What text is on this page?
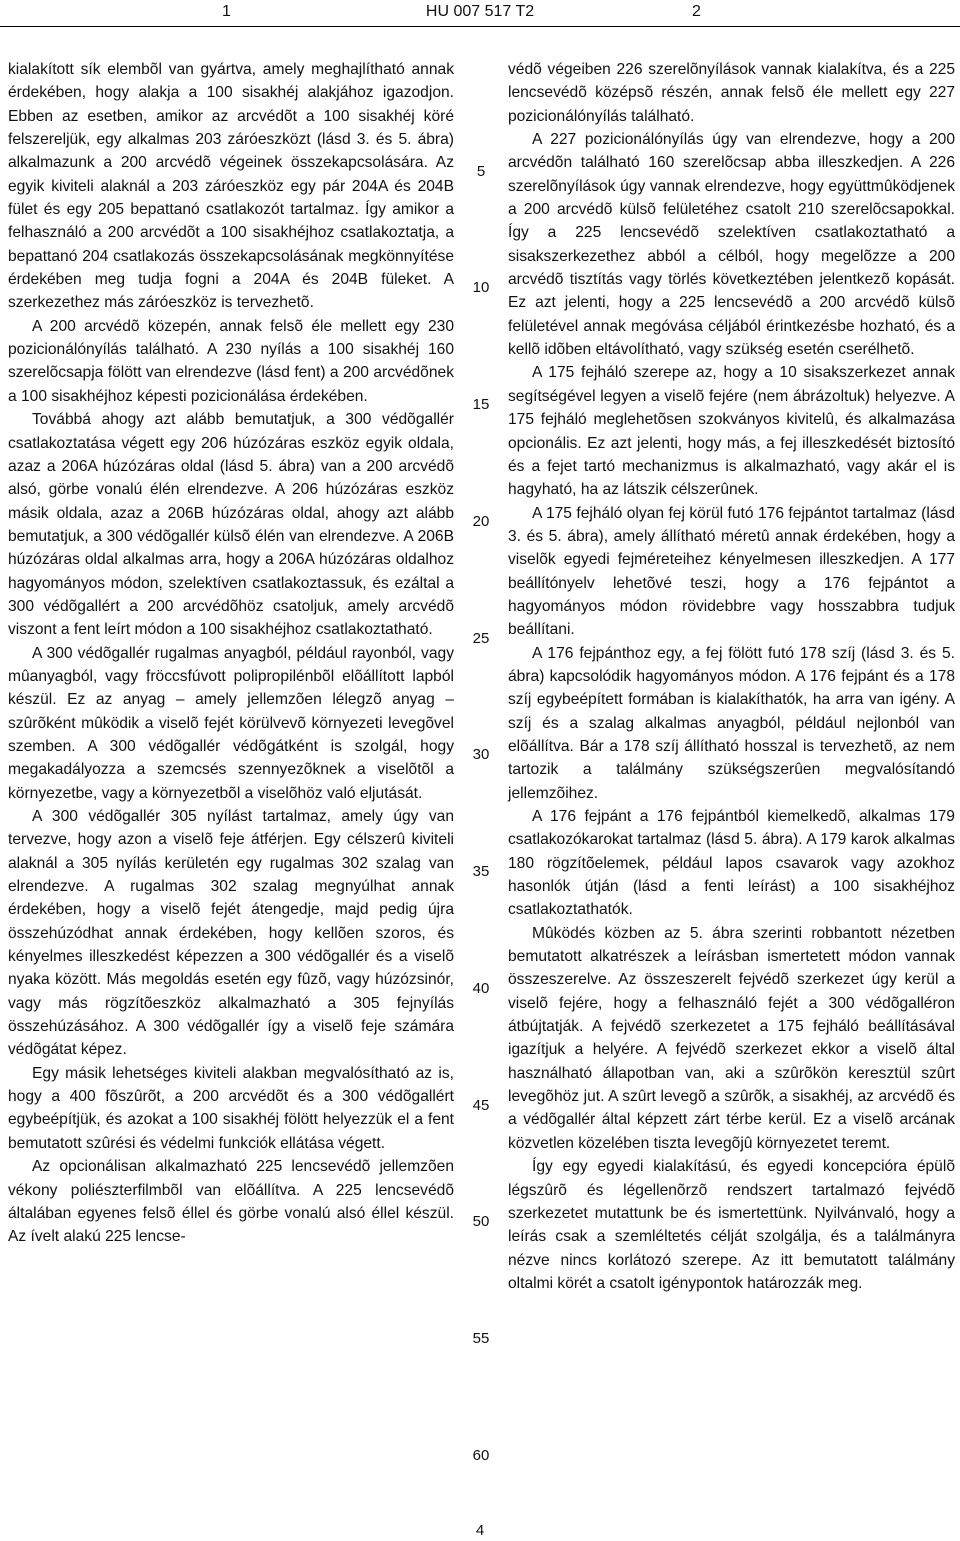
1	HU 007 517 T2	2

kialakított sík elembõl van gyártva, amely meghajlítható annak érdekében, hogy alakja a 100 sisakhéj alakjához igazodjon. Ebben az esetben, amikor az arcvédõt a 100 sisakhéj köré felszereljük, egy alkalmas 203 záróeszközt (lásd 3. és 5. ábra) alkalmazunk a 200 arcvédõ végeinek összekapcsolására. Az egyik kiviteli alaknál a 203 záróeszköz egy pár 204A és 204B fület és egy 205 bepattanó csatlakozót tartalmaz. Így amikor a felhasználó a 200 arcvédõt a 100 sisakhéjhoz csatlakoztatja, a bepattanó 204 csatlakozás összekapcsolásának megkönnyítése érdekében meg tudja fogni a 204A és 204B füleket. A szerkezethez más záróeszköz is tervezhetõ.

A 200 arcvédõ közepén, annak felsõ éle mellett egy 230 pozicionálónyílás található. A 230 nyílás a 100 sisakhéj 160 szerelõcsapja fölött van elrendezve (lásd fent) a 200 arcvédõnek a 100 sisakhéjhoz képesti pozicionálása érdekében.

Továbbá ahogy azt alább bemutatjuk, a 300 védõgallér csatlakoztatása végett egy 206 húzózáras eszköz egyik oldala, azaz a 206A húzózáras oldal (lásd 5. ábra) van a 200 arcvédõ alsó, görbe vonalú élén elrendezve. A 206 húzózáras eszköz másik oldala, azaz a 206B húzózáras oldal, ahogy azt alább bemutatjuk, a 300 védõgallér külsõ élén van elrendezve. A 206B húzózáras oldal alkalmas arra, hogy a 206A húzózáras oldalhoz hagyományos módon, szelektíven csatlakoztassuk, és ezáltal a 300 védõgallért a 200 arcvédõhöz csatoljuk, amely arcvédõ viszont a fent leírt módon a 100 sisakhéjhoz csatlakoztatható.

A 300 védõgallér rugalmas anyagból, például rayonból, vagy mûanyagból, vagy fröccsfúvott polipropilénbõl elõállított lapból készül. Ez az anyag – amely jellemzõen lélegzõ anyag – szûrõként mûködik a viselõ fejét körülvevõ környezeti levegõvel szemben. A 300 védõgallér védõgátként is szolgál, hogy megakadályozza a szemcsés szennyezõknek a viselõtõl a környezetbe, vagy a környezetbõl a viselõhöz való eljutását.

A 300 védõgallér 305 nyílást tartalmaz, amely úgy van tervezve, hogy azon a viselõ feje átférjen. Egy célszerû kiviteli alaknál a 305 nyílás kerületén egy rugalmas 302 szalag van elrendezve. A rugalmas 302 szalag megnyúlhat annak érdekében, hogy a viselõ fejét átengedje, majd pedig újra összehúzódhat annak érdekében, hogy kellõen szoros, és kényelmes illeszkedést képezzen a 300 védõgallér és a viselõ nyaka között. Más megoldás esetén egy fûzõ, vagy húzózsinór, vagy más rögzítõeszköz alkalmazható a 305 fejnyílás összehúzásához. A 300 védõgallér így a viselõ feje számára védõgátat képez.

Egy másik lehetséges kiviteli alakban megvalósítható az is, hogy a 400 fõszûrõt, a 200 arcvédõt és a 300 védõgallért egybeépítjük, és azokat a 100 sisakhéj fölött helyezzük el a fent bemutatott szûrési és védelmi funkciók ellátása végett.

Az opcionálisan alkalmazható 225 lencsevédõ jellemzõen vékony poliészterfilmbõl van elõállítva. A 225 lencsevédõ általában egyenes felsõ éllel és görbe vonalú alsó éllel készül. Az ívelt alakú 225 lencse-

védõ végeiben 226 szerelõnyílások vannak kialakítva, és a 225 lencsevédõ középsõ részén, annak felsõ éle mellett egy 227 pozicionálónyílás található.

A 227 pozicionálónyílás úgy van elrendezve, hogy a 200 arcvédõn található 160 szerelõcsap abba illeszkedjen. A 226 szerelõnyílások úgy vannak elrendezve, hogy együttmûködjenek a 200 arcvédõ külsõ felületéhez csatolt 210 szerelõcsapokkal. Így a 225 lencsevédõ szelektíven csatlakoztatható a sisakszerkezethez abból a célból, hogy megelõzze a 200 arcvédõ tisztítás vagy törlés következtében jelentkezõ kopását. Ez azt jelenti, hogy a 225 lencsevédõ a 200 arcvédõ külsõ felületével annak megóvása céljából érintkezésbe hozható, és a kellõ idõben eltávolítható, vagy szükség esetén cserélhetõ.

A 175 fejháló szerepe az, hogy a 10 sisakszerkezet annak segítségével legyen a viselõ fejére (nem ábrázoltuk) helyezve. A 175 fejháló meglehetõsen szokványos kivitelû, és alkalmazása opcionális. Ez azt jelenti, hogy más, a fej illeszkedését biztosító és a fejet tartó mechanizmus is alkalmazható, vagy akár el is hagyható, ha az látszik célszerûnek.

A 175 fejháló olyan fej körül futó 176 fejpántot tartalmaz (lásd 3. és 5. ábra), amely állítható méretû annak érdekében, hogy a viselõk egyedi fejméreteihez kényelmesen illeszkedjen. A 177 beállítónyelv lehetõvé teszi, hogy a 176 fejpántot a hagyományos módon rövidebbre vagy hosszabbra tudjuk beállítani.

A 176 fejpánthoz egy, a fej fölött futó 178 szíj (lásd 3. és 5. ábra) kapcsolódik hagyományos módon. A 176 fejpánt és a 178 szíj egybeépített formában is kialakíthatók, ha arra van igény. A szíj és a szalag alkalmas anyagból, például nejlonból van elõállítva. Bár a 178 szíj állítható hosszal is tervezhetõ, az nem tartozik a találmány szükségszerûen megvalósítandó jellemzõihez.

A 176 fejpánt a 176 fejpántból kiemelkedõ, alkalmas 179 csatlakozókarokat tartalmaz (lásd 5. ábra). A 179 karok alkalmas 180 rögzítõelemek, például lapos csavarok vagy azokhoz hasonlók útján (lásd a fenti leírást) a 100 sisakhéjhoz csatlakoztathatók.

Mûködés közben az 5. ábra szerinti robbantott nézetben bemutatott alkatrészek a leírásban ismertetett módon vannak összeszerelve. Az összeszerelt fejvédõ szerkezet úgy kerül a viselõ fejére, hogy a felhasználó fejét a 300 védõgalléron átbújtatják. A fejvédõ szerkezetet a 175 fejháló beállításával igazítjuk a helyére. A fejvédõ szerkezet ekkor a viselõ által használható állapotban van, aki a szûrõkön keresztül szûrt levegõhöz jut. A szûrt levegõ a szûrõk, a sisakhéj, az arcvédõ és a védõgallér által képzett zárt térbe kerül. Ez a viselõ arcának közvetlen közelében tiszta levegõjû környezetet teremt.

Így egy egyedi kialakítású, és egyedi koncepcióra épülõ légszûrõ és légellenõrzõ rendszert tartalmazó fejvédõ szerkezetet mutattunk be és ismertettünk. Nyilvánvaló, hogy a leírás csak a szemléltetés célját szolgálja, és a találmányra nézve nincs korlátozó szerepe. Az itt bemutatott találmány oltalmi körét a csatolt igénypontok határozzák meg.

5
10
15
20
25
30
35
40
45
50
55
60
4
